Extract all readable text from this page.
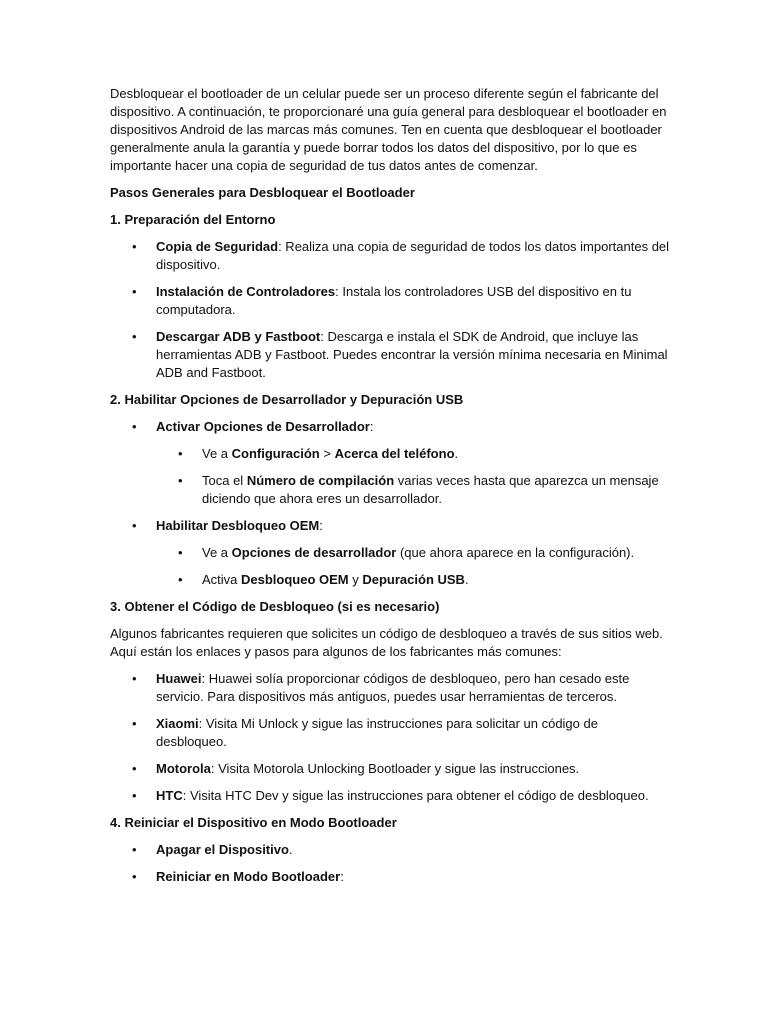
Desbloquear el bootloader de un celular puede ser un proceso diferente según el fabricante del dispositivo. A continuación, te proporcionaré una guía general para desbloquear el bootloader en dispositivos Android de las marcas más comunes. Ten en cuenta que desbloquear el bootloader generalmente anula la garantía y puede borrar todos los datos del dispositivo, por lo que es importante hacer una copia de seguridad de tus datos antes de comenzar.

Pasos Generales para Desbloquear el Bootloader

1. Preparación del Entorno

• Copia de Seguridad: Realiza una copia de seguridad de todos los datos importantes del dispositivo.
• Instalación de Controladores: Instala los controladores USB del dispositivo en tu computadora.
• Descargar ADB y Fastboot: Descarga e instala el SDK de Android, que incluye las herramientas ADB y Fastboot. Puedes encontrar la versión mínima necesaria en Minimal ADB and Fastboot.

2. Habilitar Opciones de Desarrollador y Depuración USB

• Activar Opciones de Desarrollador:
• Ve a Configuración > Acerca del teléfono.
• Toca el Número de compilación varias veces hasta que aparezca un mensaje diciendo que ahora eres un desarrollador.
• Habilitar Desbloqueo OEM:
• Ve a Opciones de desarrollador (que ahora aparece en la configuración).
• Activa Desbloqueo OEM y Depuración USB.

3. Obtener el Código de Desbloqueo (si es necesario)

Algunos fabricantes requieren que solicites un código de desbloqueo a través de sus sitios web. Aquí están los enlaces y pasos para algunos de los fabricantes más comunes:

• Huawei: Huawei solía proporcionar códigos de desbloqueo, pero han cesado este servicio. Para dispositivos más antiguos, puedes usar herramientas de terceros.
• Xiaomi: Visita Mi Unlock y sigue las instrucciones para solicitar un código de desbloqueo.
• Motorola: Visita Motorola Unlocking Bootloader y sigue las instrucciones.
• HTC: Visita HTC Dev y sigue las instrucciones para obtener el código de desbloqueo.

4. Reiniciar el Dispositivo en Modo Bootloader

• Apagar el Dispositivo.
• Reiniciar en Modo Bootloader:
